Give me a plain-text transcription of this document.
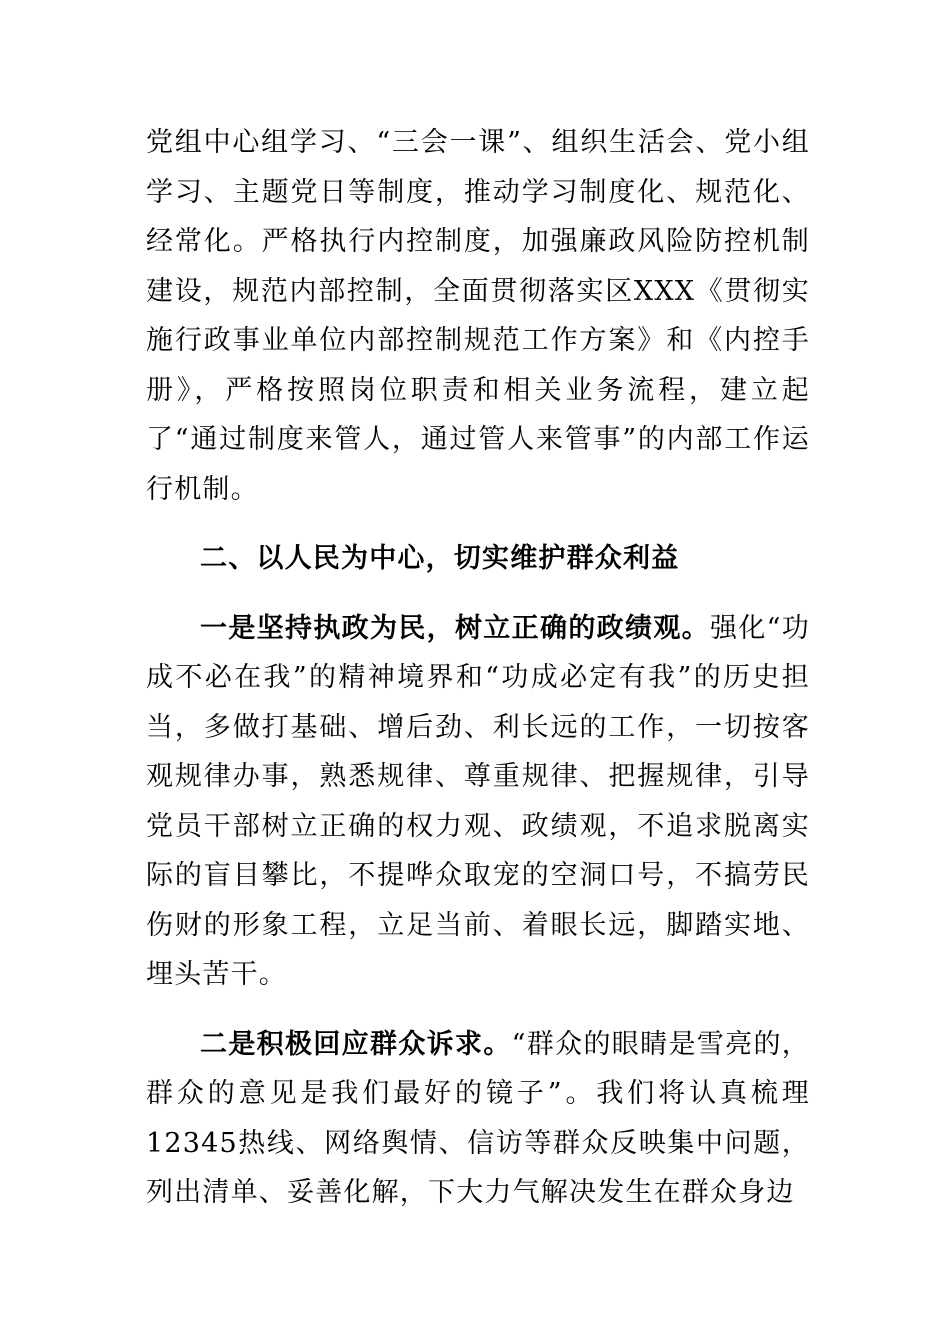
党组中心组学习、“三会一课”、组织生活会、党小组学习、主题党日等制度，推动学习制度化、规范化、经常化。严格执行内控制度，加强廉政风险防控机制建设，规范内部控制，全面贯彻落实区XXX《贯彻实施行政事业单位内部控制规范工作方案》和《内控手册》，严格按照岗位职责和相关业务流程，建立起了“通过制度来管人，通过管人来管事”的内部工作运行机制。

二、以人民为中心，切实维护群众利益

一是坚持执政为民，树立正确的政绩观。强化“功成不必在我”的精神境界和“功成必定有我”的历史担当，多做打基础、增后劲、利长远的工作，一切按客观规律办事，熟悉规律、尊重规律、把握规律，引导党员干部树立正确的权力观、政绩观，不追求脱离实际的盲目攀比，不提哗众取宠的空洞口号，不搞劳民伤财的形象工程，立足当前、着眼长远，脚踏实地、埋头苦干。

二是积极回应群众诉求。“群众的眼睛是雪亮的，群众的意见是我们最好的镜子”。我们将认真梳理12345热线、网络舆情、信访等群众反映集中问题，列出清单、妥善化解，下大力气解决发生在群众身边
